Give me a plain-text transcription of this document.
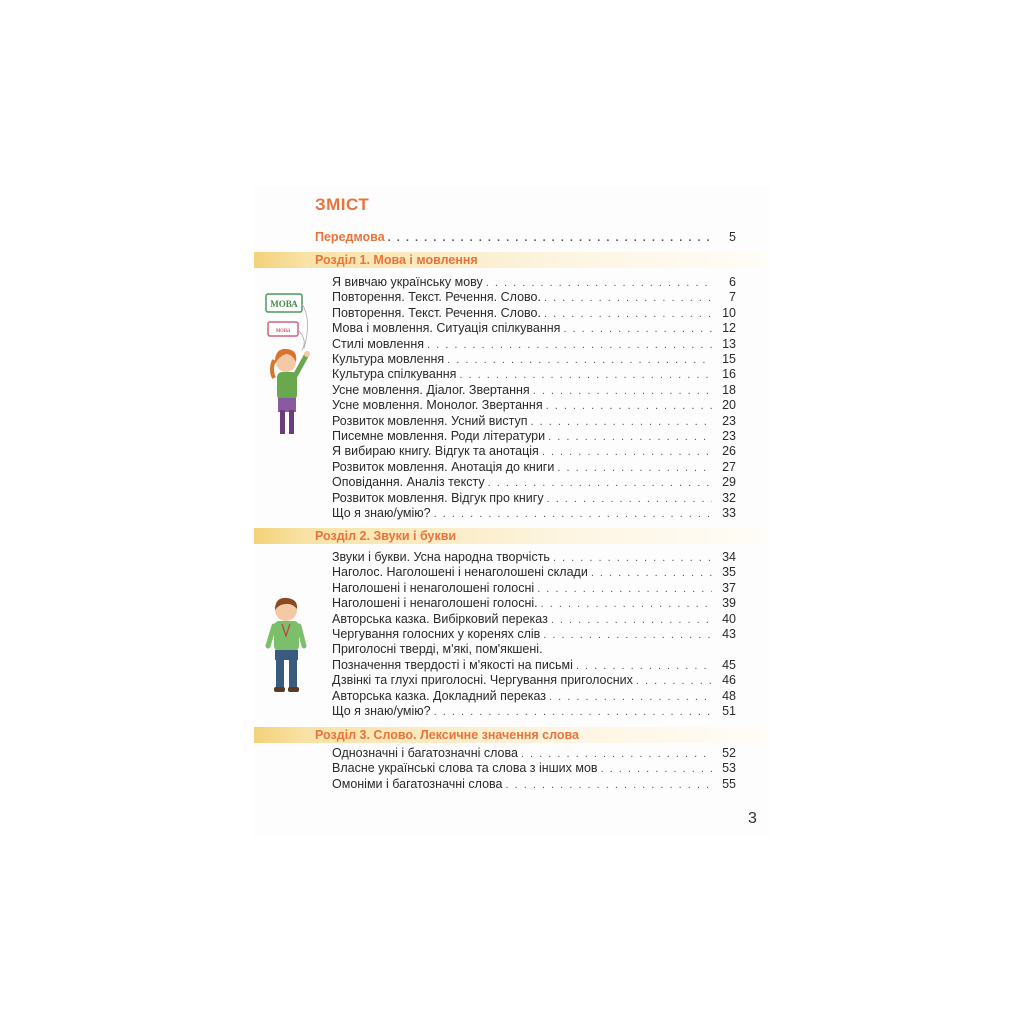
ЗМІСТ
Передмова . . .	5
Розділ 1. Мова і мовлення
Розділ 2. Звуки і букви
Розділ 3. Слово. Лексичне значення слова
Я вивчаю українську мову . . .	6
Повторення. Текст. Речення. Слово. . . .	7
Повторення. Текст. Речення. Слово. . . .	10
Мова і мовлення. Ситуація спілкування . . .	12
Стилі мовлення . . .	13
Культура мовлення . . .	15
Культура спілкування . . .	16
Усне мовлення. Діалог. Звертання . . .	18
Усне мовлення. Монолог. Звертання . . .	20
Розвиток мовлення. Усний виступ . . .	23
Писемне мовлення. Роди літератури . . .	23
Я вибираю книгу. Відгук та анотація . . .	26
Розвиток мовлення. Анотація до книги . . .	27
Оповідання. Аналіз тексту . . .	29
Розвиток мовлення. Відгук про книгу . . .	32
Що я знаю/умію? . . .	33
Звуки і букви. Усна народна творчість . . .	34
Наголос. Наголошені і ненаголошені склади . . .	35
Наголошені і ненаголошені голосні . . .	37
Наголошені і ненаголошені голосні. . . .	39
Авторська казка. Вибірковий переказ . . .	40
Чергування голосних у коренях слів . . .	43
Приголосні тверді, м'які, пом'якшені.
Позначення твердості і м'якості на письмі . . .	45
Дзвінкі та глухі приголосні. Чергування приголосних . . .	46
Авторська казка. Докладний переказ . . .	48
Що я знаю/умію? . . .	51
Однозначні і багатозначні слова . . .	52
Власне українські слова та слова з інших мов . . .	53
Омоніми і багатозначні слова . . .	55
МОВА
мова
3
